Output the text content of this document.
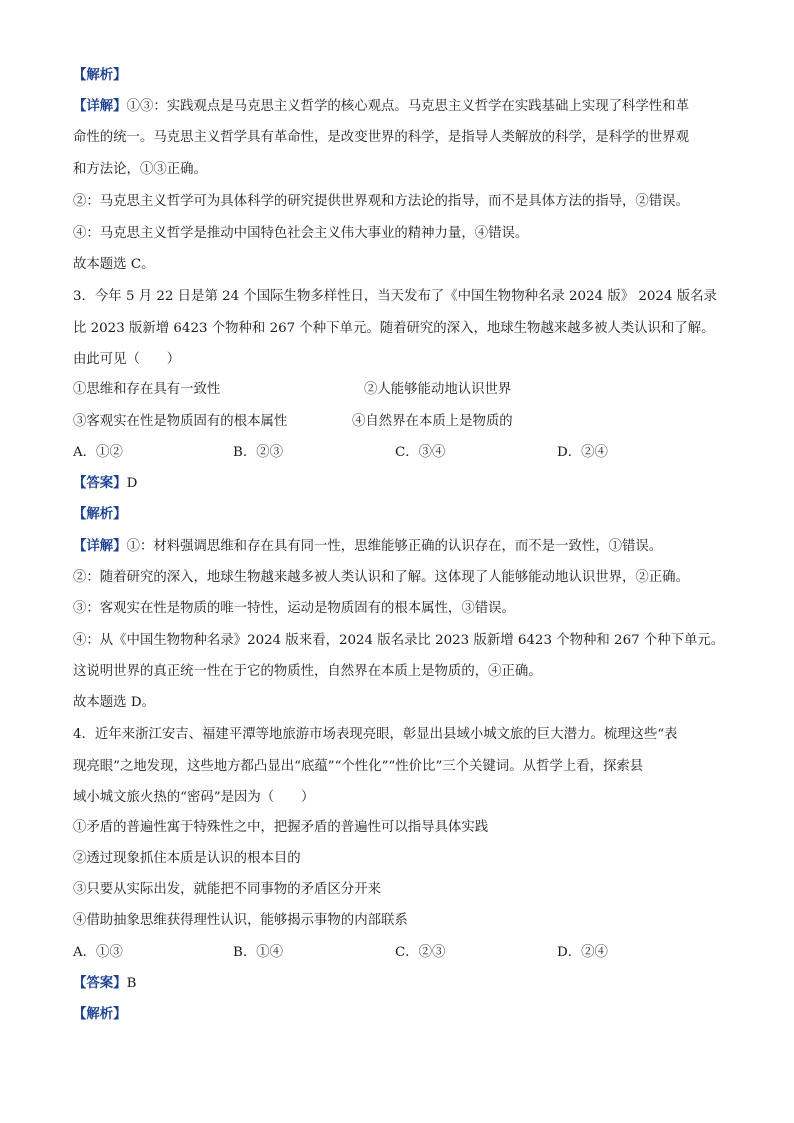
【解析】
【详解】①③：实践观点是马克思主义哲学的核心观点。马克思主义哲学在实践基础上实现了科学性和革
命性的统一。马克思主义哲学具有革命性，是改变世界的科学，是指导人类解放的科学，是科学的世界观
和方法论，①③正确。
②：马克思主义哲学可为具体科学的研究提供世界观和方法论的指导，而不是具体方法的指导，②错误。
④：马克思主义哲学是推动中国特色社会主义伟大事业的精神力量，④错误。
故本题选 C。
3．今年 5 月 22 日是第 24 个国际生物多样性日，当天发布了《中国生物物种名录 2024 版》 2024 版名录
比 2023 版新增 6423 个物种和 267 个种下单元。随着研究的深入，地球生物越来越多被人类认识和了解。
由此可见（　　）
①思维和存在具有一致性	②人能够能动地认识世界
③客观实在性是物质固有的根本属性	④自然界在本质上是物质的
A．①②	B．②③	C．③④	D．②④
【答案】D
【解析】
【详解】①：材料强调思维和存在具有同一性，思维能够正确的认识存在，而不是一致性，①错误。
②：随着研究的深入，地球生物越来越多被人类认识和了解。这体现了人能够能动地认识世界，②正确。
③：客观实在性是物质的唯一特性，运动是物质固有的根本属性，③错误。
④：从《中国生物物种名录》2024 版来看，2024 版名录比 2023 版新增 6423 个物种和 267 个种下单元。
这说明世界的真正统一性在于它的物质性，自然界在本质上是物质的，④正确。
故本题选 D。
4．近年来浙江安吉、福建平潭等地旅游市场表现亮眼，彰显出县域小城文旅的巨大潜力。梳理这些“表
现亮眼”之地发现，这些地方都凸显出“底蕴”“个性化”“性价比”三个关键词。从哲学上看，探索县
域小城文旅火热的“密码”是因为（　　）
①矛盾的普遍性寓于特殊性之中，把握矛盾的普遍性可以指导具体实践
②透过现象抓住本质是认识的根本目的
③只要从实际出发，就能把不同事物的矛盾区分开来
④借助抽象思维获得理性认识，能够揭示事物的内部联系
A．①③	B．①④	C．②③	D．②④
【答案】B
【解析】
